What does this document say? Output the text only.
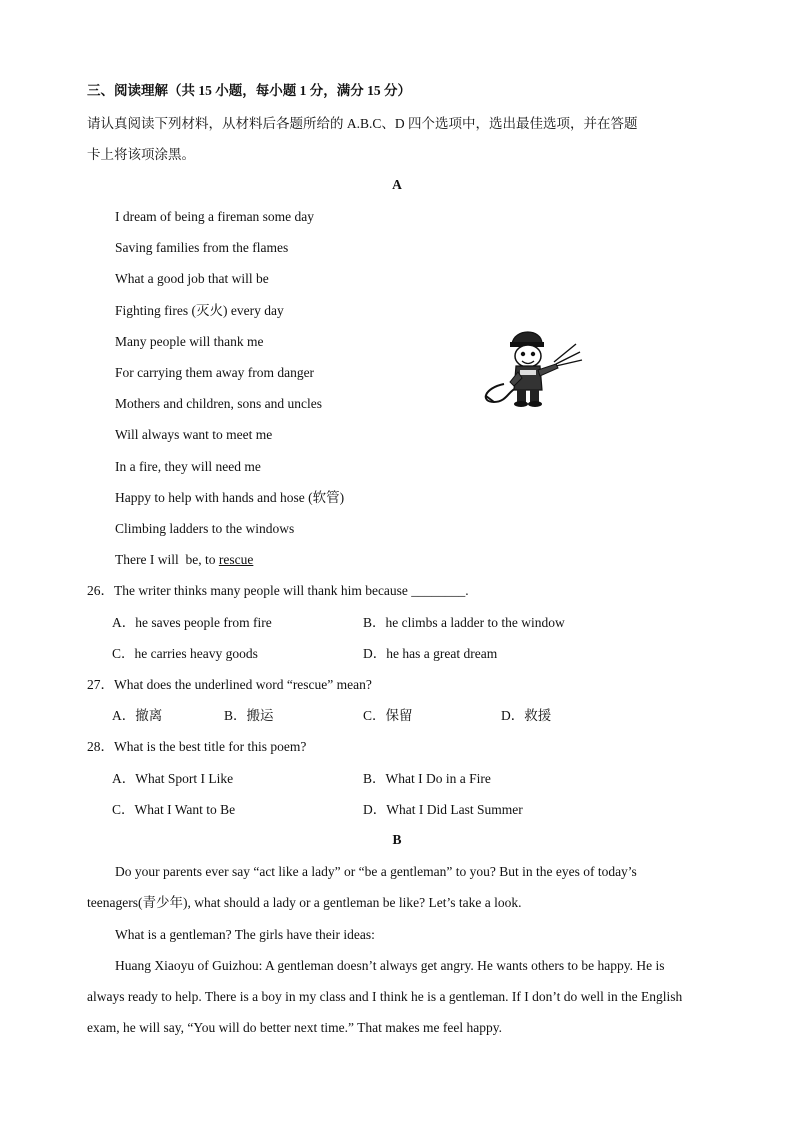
三、阅读理解（共 15 小题，每小题 1 分，满分 15 分）
请认真阅读下列材料，从材料后各题所给的 A.B.C、D 四个选项中，选出最佳选项，并在答题
卡上将该项涂黑。
A
I dream of being a fireman some day
Saving families from the flames
What a good job that will be
Fighting fires (灭火) every day
Many people will thank me
For carrying them away from danger
Mothers and children, sons and uncles
Will always want to meet me
In a fire, they will need me
Happy to help with hands and hose (软管)
Climbing ladders to the windows
There I will  be, to rescue
26．The writer thinks many people will thank him because ________.
A．he saves people from fire	B．he climbs a ladder to the window
C．he carries heavy goods	D．he has a great dream
27．What does the underlined word “rescue” mean?
A．撤离	B．搬运	C．保留	D．救援
28．What is the best title for this poem?
A．What Sport I Like	B．What I Do in a Fire
C．What I Want to Be	D．What I Did Last Summer
B
Do your parents ever say “act like a lady” or “be a gentleman” to you? But in the eyes of today’s
teenagers(青少年), what should a lady or a gentleman be like? Let’s take a look.
What is a gentleman? The girls have their ideas:
Huang Xiaoyu of Guizhou: A gentleman doesn’t always get angry. He wants others to be happy. He is
always ready to help. There is a boy in my class and I think he is a gentleman. If I don’t do well in the English
exam, he will say, “You will do better next time.” That makes me feel happy.
